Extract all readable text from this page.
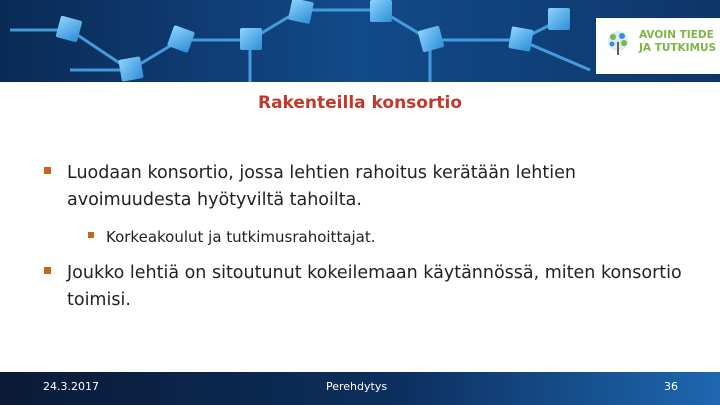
AVOIN TIEDE
JA TUTKIMUS
Rakenteilla konsortio
Luodaan konsortio, jossa lehtien rahoitus kerätään lehtien avoimuudesta hyötyviltä tahoilta.
Korkeakoulut ja tutkimusrahoittajat.
Joukko lehtiä on sitoutunut kokeilemaan käytännössä, miten konsortio toimisi.
24.3.2017	Perehdytys	36
